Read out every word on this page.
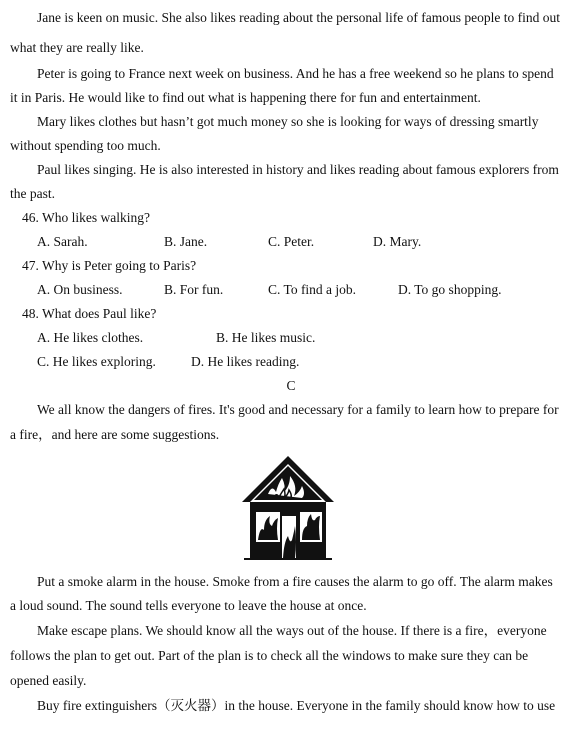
Jane is keen on music. She also likes reading about the personal life of famous people to find out
what they are really like.
Peter is going to France next week on business. And he has a free weekend so he plans to spend
it in Paris. He would like to find out what is happening there for fun and entertainment.
Mary likes clothes but hasn’t got much money so she is looking for ways of dressing smartly
without spending too much.
Paul likes singing. He is also interested in history and likes reading about famous explorers from
the past.
46. Who likes walking?
A. Sarah.	B. Jane.	C. Peter.	D. Mary.
47. Why is Peter going to Paris?
A. On business.	B. For fun.	C. To find a job.	D. To go shopping.
48. What does Paul like?
A. He likes clothes.	B. He likes music.
C. He likes exploring.	D. He likes reading.
C
We all know the dangers of fires. It's good and necessary for a family to learn how to prepare for
a fire，and here are some suggestions.
Put a smoke alarm in the house. Smoke from a fire causes the alarm to go off. The alarm makes
a loud sound. The sound tells everyone to leave the house at once.
Make escape plans. We should know all the ways out of the house. If there is a fire，everyone
follows the plan to get out. Part of the plan is to check all the windows to make sure they can be
opened easily.
Buy fire extinguishers（灭火器）in the house. Everyone in the family should know how to use
